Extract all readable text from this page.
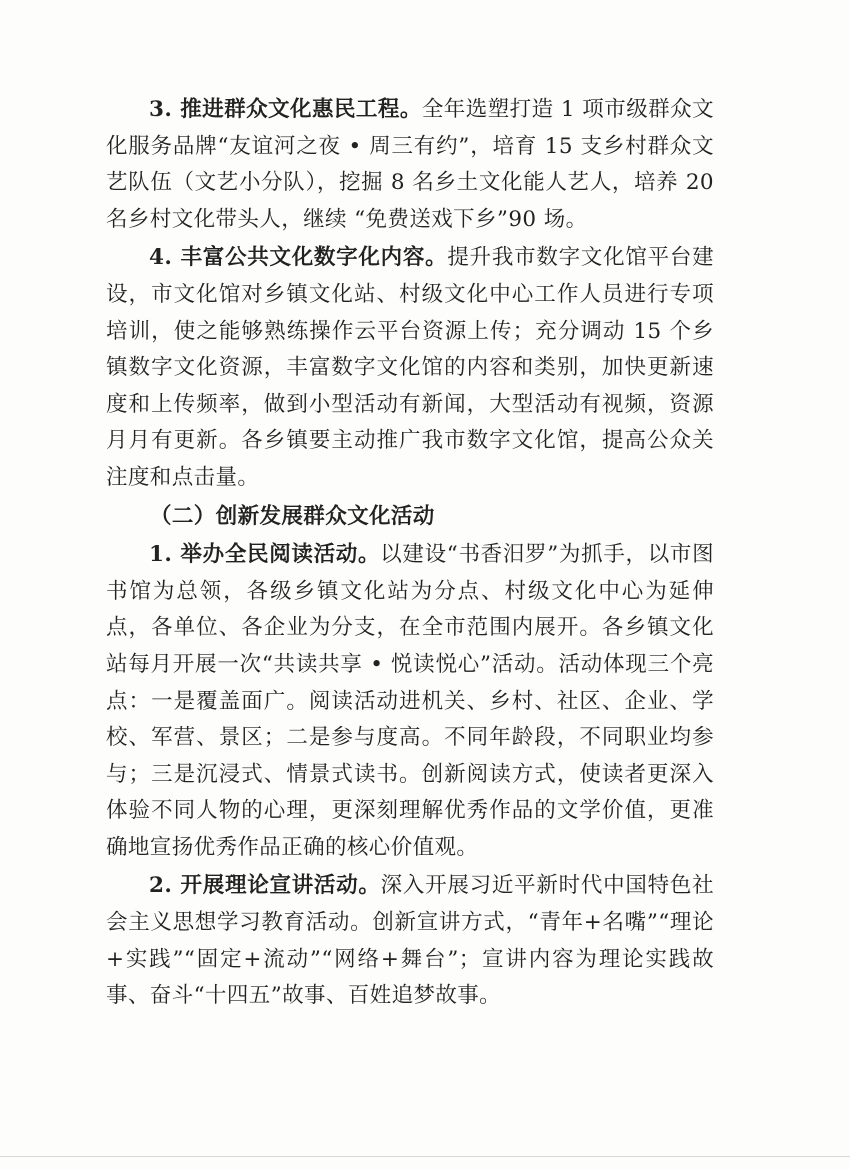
3. 推进群众文化惠民工程。全年选塑打造 1 项市级群众文化服务品牌“友谊河之夜 • 周三有约”，培育 15 支乡村群众文艺队伍（文艺小分队），挖掘 8 名乡土文化能人艺人，培养 20 名乡村文化带头人，继续 “免费送戏下乡”90 场。

4. 丰富公共文化数字化内容。提升我市数字文化馆平台建设，市文化馆对乡镇文化站、村级文化中心工作人员进行专项培训，使之能够熟练操作云平台资源上传；充分调动 15 个乡镇数字文化资源，丰富数字文化馆的内容和类别，加快更新速度和上传频率，做到小型活动有新闻，大型活动有视频，资源月月有更新。各乡镇要主动推广我市数字文化馆，提高公众关注度和点击量。

（二）创新发展群众文化活动

1. 举办全民阅读活动。以建设“书香汨罗”为抓手，以市图书馆为总领，各级乡镇文化站为分点、村级文化中心为延伸点，各单位、各企业为分支，在全市范围内展开。各乡镇文化站每月开展一次“共读共享 • 悦读悦心”活动。活动体现三个亮点：一是覆盖面广。阅读活动进机关、乡村、社区、企业、学校、军营、景区；二是参与度高。不同年龄段，不同职业均参与；三是沉浸式、情景式读书。创新阅读方式，使读者更深入体验不同人物的心理，更深刻理解优秀作品的文学价值，更准确地宣扬优秀作品正确的核心价值观。

2. 开展理论宣讲活动。深入开展习近平新时代中国特色社会主义思想学习教育活动。创新宣讲方式，“青年+名嘴”“理论+实践”“固定+流动”“网络+舞台”；宣讲内容为理论实践故事、奋斗“十四五”故事、百姓追梦故事。
